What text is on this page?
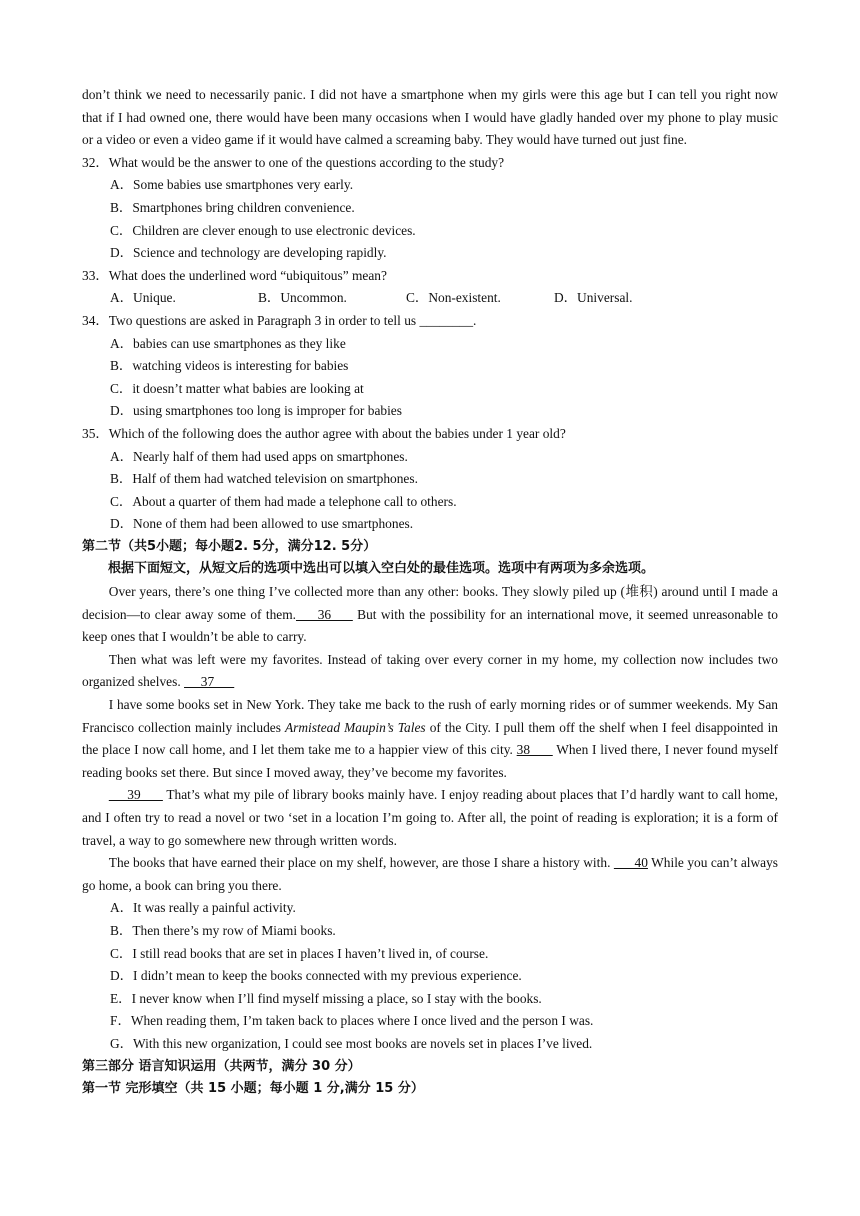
don’t think we need to necessarily panic. I did not have a smartphone when my girls were this age but I can tell you right now that if I had owned one, there would have been many occasions when I would have gladly handed over my phone to play music or a video or even a video game if it would have calmed a screaming baby. They would have turned out just fine.

32．What would be the answer to one of the questions according to the study?

A．Some babies use smartphones very early.

B．Smartphones bring children convenience.

C．Children are clever enough to use electronic devices.

D．Science and technology are developing rapidly.

33．What does the underlined word “ubiquitous” mean?

A．Unique.	B．Uncommon.	C．Non-existent.	D．Universal.

34．Two questions are asked in Paragraph 3 in order to tell us ________.

A．babies can use smartphones as they like

B．watching videos is interesting for babies

C．it doesn’t matter what babies are looking at

D．using smartphones too long is improper for babies

35．Which of the following does the author agree with about the babies under 1 year old?

A．Nearly half of them had used apps on smartphones.

B．Half of them had watched television on smartphones.

C．About a quarter of them had made a telephone call to others.

D．None of them had been allowed to use smartphones.

第二节（共5小题；每小题2. 5分，满分12. 5分）

根据下面短文，从短文后的选项中选出可以填入空白处的最佳选项。选项中有两项为多余选项。

Over years, there’s one thing I’ve collected more than any other: books. They slowly piled up (堆积) around until I made a decision—to clear away some of them.     36      But with the possibility for an international move, it seemed unreasonable to keep ones that I wouldn’t be able to carry.

Then what was left were my favorites. Instead of taking over every corner in my home, my collection now includes two organized shelves.      37

I have some books set in New York. They take me back to the rush of early morning rides or of summer weekends. My San Francisco collection mainly includes Armistead Maupin’s Tales of the City. I pull them off the shelf when I feel disappointed in the place I now call home, and I let them take me to a happier view of this city. 38       When I lived there, I never found myself reading books set there. But since I moved away, they’ve become my favorites.

39       That’s what my pile of library books mainly have. I enjoy reading about places that I’d hardly want to call home, and I often try to read a novel or two ‘set in a location I’m going to. After all, the point of reading is exploration; it is a form of travel, a way to go somewhere new through written words.

The books that have earned their place on my shelf, however, are those I share a history with.       40 While you can’t always go home, a book can bring you there.

A．It was really a painful activity.

B．Then there’s my row of Miami books.

C．I still read books that are set in places I haven’t lived in, of course.

D．I didn’t mean to keep the books connected with my previous experience.

E．I never know when I’ll find myself missing a place, so I stay with the books.

F．When reading them, I’m taken back to places where I once lived and the person I was.

G．With this new organization, I could see most books are novels set in places I’ve lived.

第三部分 语言知识运用（共两节，满分 30 分）

第一节 完形填空（共 15 小题；每小题 1 分,满分 15 分）
